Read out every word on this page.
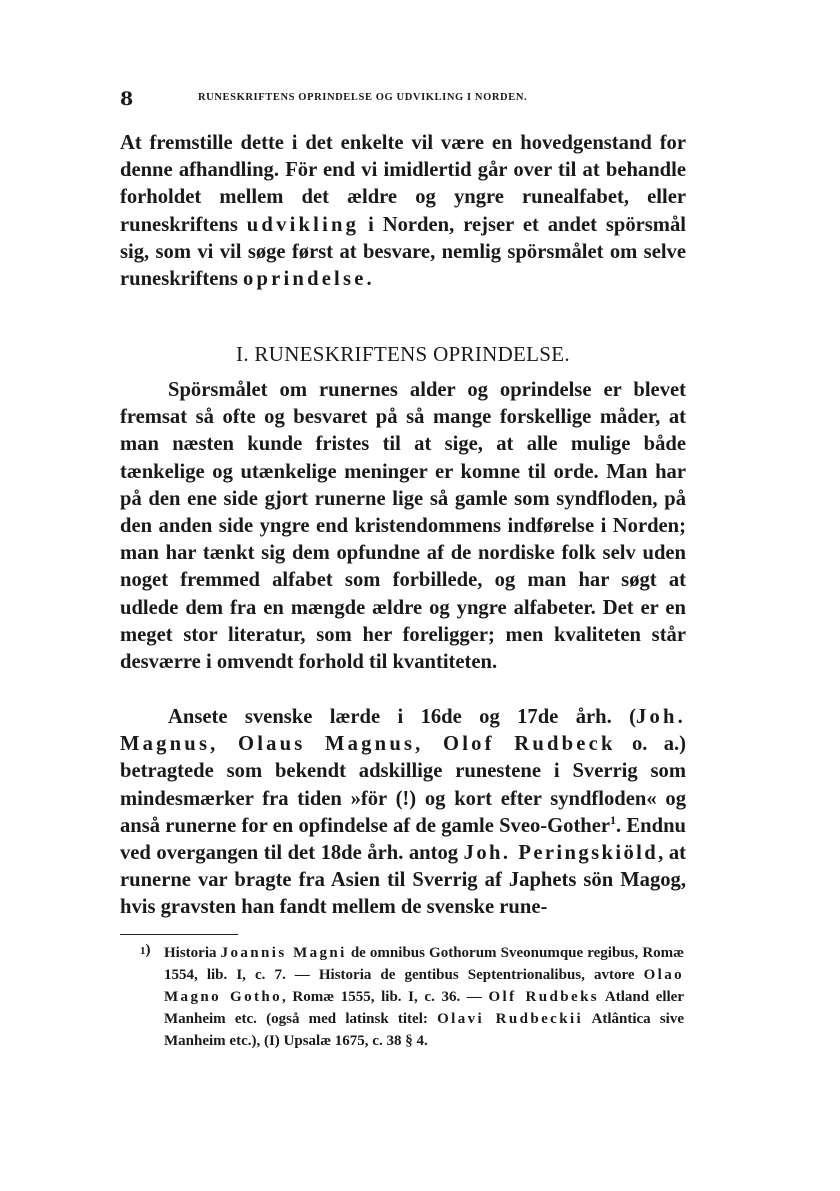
8	RUNESKRIFTENS OPRINDELSE OG UDVIKLING I NORDEN.

At fremstille dette i det enkelte vil være en hovedgenstand for denne afhandling. För end vi imidlertid går over til at behandle forholdet mellem det ældre og yngre runealfabet, eller runeskriftens udvikling i Norden, rejser et andet spörsmål sig, som vi vil søge først at besvare, nemlig spörsmålet om selve runeskriftens oprindelse.

I. RUNESKRIFTENS OPRINDELSE.

Spörsmålet om runernes alder og oprindelse er blevet fremsat så ofte og besvaret på så mange forskellige måder, at man næsten kunde fristes til at sige, at alle mulige både tænkelige og utænkelige meninger er komne til orde. Man har på den ene side gjort runerne lige så gamle som syndfloden, på den anden side yngre end kristendommens indførelse i Norden; man har tænkt sig dem opfundne af de nordiske folk selv uden noget fremmed alfabet som forbillede, og man har søgt at udlede dem fra en mængde ældre og yngre alfabeter. Det er en meget stor literatur, som her foreligger; men kvaliteten står desværre i omvendt forhold til kvantiteten.

Ansete svenske lærde i 16de og 17de årh. (Joh. Magnus, Olaus Magnus, Olof Rudbeck o. a.) betragtede som bekendt adskillige runestene i Sverrig som mindesmærker fra tiden »för (!) og kort efter syndfloden« og anså runerne for en opfindelse af de gamle Sveo-Gother$^1$. Endnu ved overgangen til det 18de årh. antog Joh. Peringskiöld, at runerne var bragte fra Asien til Sverrig af Japhets sön Magog, hvis gravsten han fandt mellem de svenske rune-

1) Historia Joannis Magni de omnibus Gothorum Sveonumque regibus, Romæ 1554, lib. I, c. 7. — Historia de gentibus Septentrionalibus, avtore Olao Magno Gotho, Romæ 1555, lib. I, c. 36. — Olf Rudbeks Atland eller Manheim etc. (også med latinsk titel: Olavi Rudbeckii Atlântica sive Manheim etc.), (I) Upsalæ 1675, c. 38 § 4.
